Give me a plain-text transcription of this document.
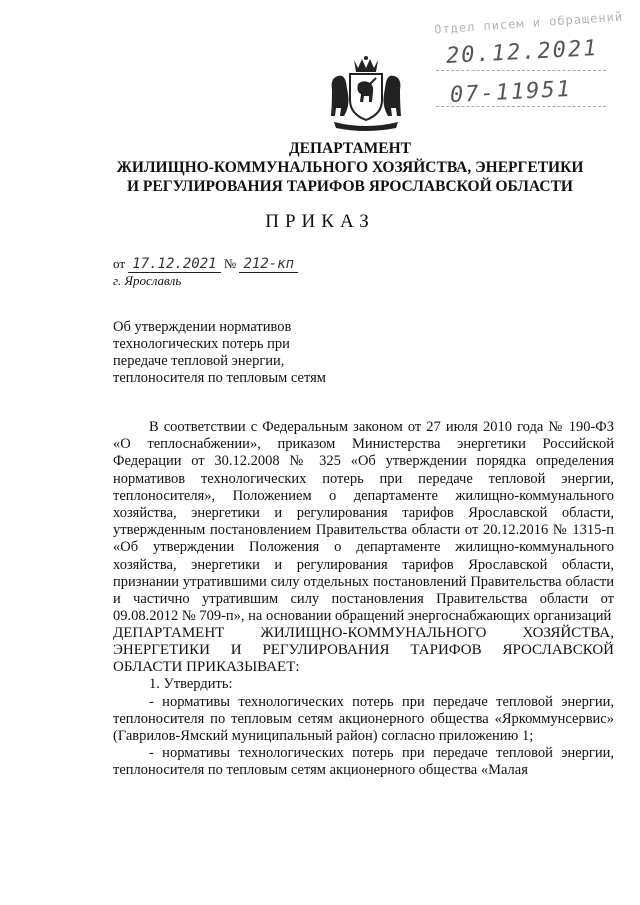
Отдел писем и обращений
20.12.2021
07-11951
ДЕПАРТАМЕНТ
ЖИЛИЩНО-КОММУНАЛЬНОГО ХОЗЯЙСТВА, ЭНЕРГЕТИКИ
И РЕГУЛИРОВАНИЯ ТАРИФОВ ЯРОСЛАВСКОЙ ОБЛАСТИ
ПРИКАЗ
от 17.12.2021 № 212-кп
г. Ярославль
Об утверждении нормативов
технологических потерь при
передаче тепловой энергии,
теплоносителя по тепловым сетям

В соответствии с Федеральным законом от 27 июля 2010 года № 190-ФЗ «О теплоснабжении», приказом Министерства энергетики Российской Федерации от 30.12.2008 № 325 «Об утверждении порядка определения нормативов технологических потерь при передаче тепловой энергии, теплоносителя», Положением о департаменте жилищно-коммунального хозяйства, энергетики и регулирования тарифов Ярославской области, утвержденным постановлением Правительства области от 20.12.2016 № 1315-п «Об утверждении Положения о департаменте жилищно-коммунального хозяйства, энергетики и регулирования тарифов Ярославской области, признании утратившими силу отдельных постановлений Правительства области и частично утратившим силу постановления Правительства области от 09.08.2012 № 709-п», на основании обращений энергоснабжающих организаций

ДЕПАРТАМЕНТ ЖИЛИЩНО-КОММУНАЛЬНОГО ХОЗЯЙСТВА, ЭНЕРГЕТИКИ И РЕГУЛИРОВАНИЯ ТАРИФОВ ЯРОСЛАВСКОЙ ОБЛАСТИ ПРИКАЗЫВАЕТ:

1. Утвердить:

- нормативы технологических потерь при передаче тепловой энергии, теплоносителя по тепловым сетям акционерного общества «Яркоммунсервис» (Гаврилов-Ямский муниципальный район) согласно приложению 1;

- нормативы технологических потерь при передаче тепловой энергии, теплоносителя по тепловым сетям акционерного общества «Малая
